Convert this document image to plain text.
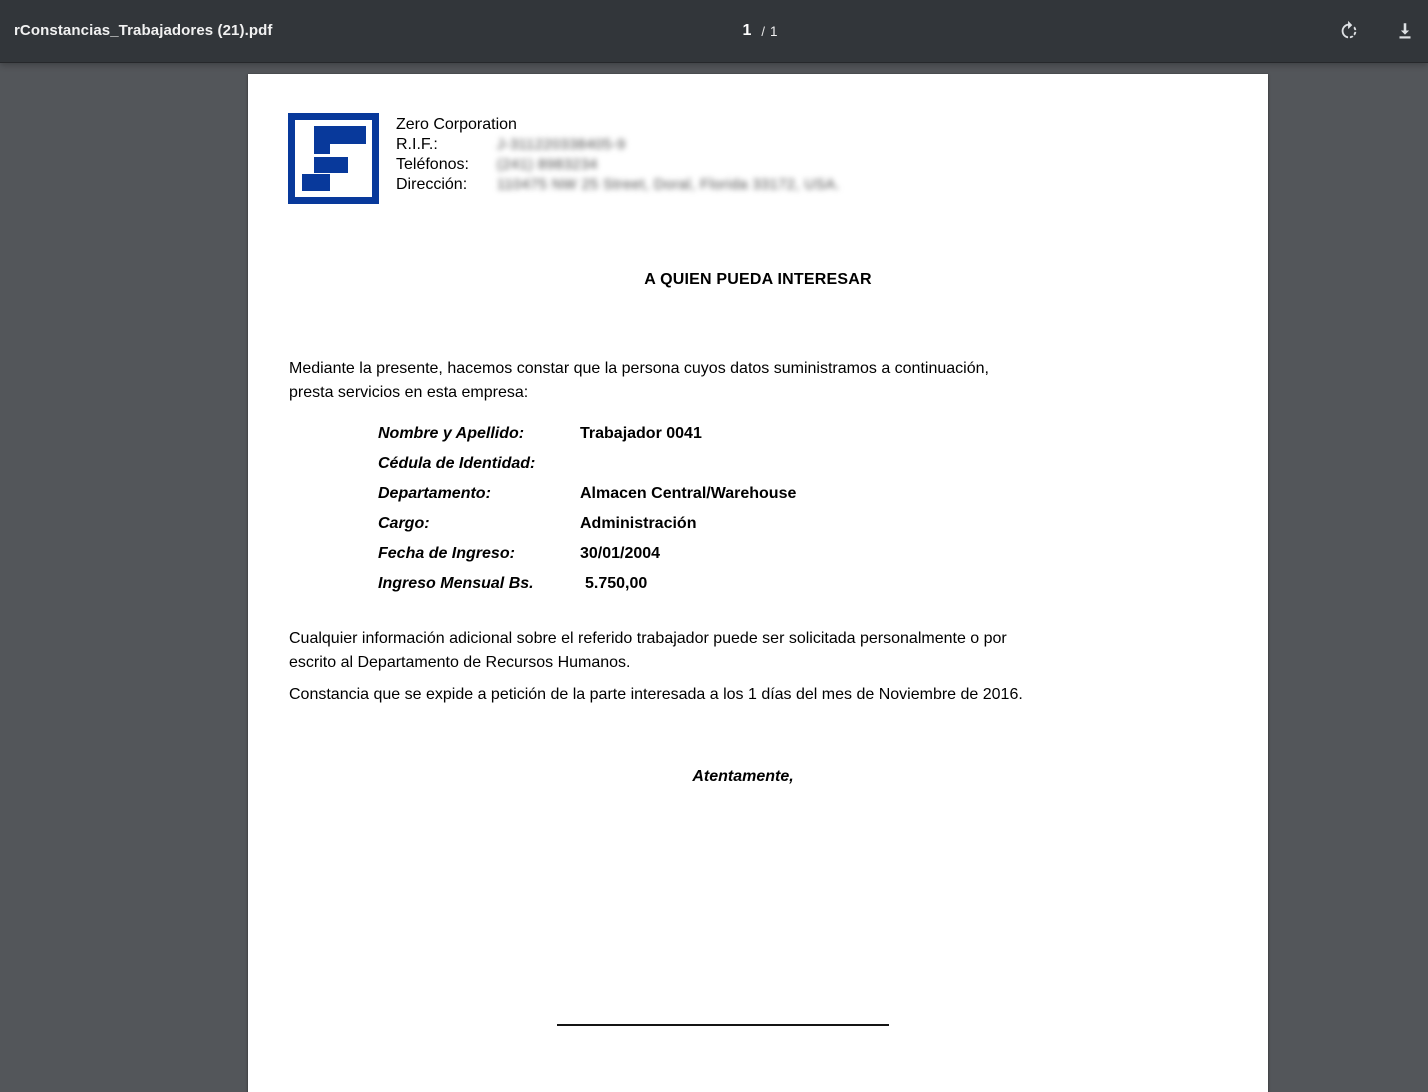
rConstancias_Trabajadores (21).pdf	1 / 1
Zero Corporation
R.I.F.:	J-311220338405-9
Teléfonos: (241) 8983234
Dirección: 110475 NW 25 Street, Doral, Florida 33172, USA.
A QUIEN PUEDA INTERESAR
Mediante la presente, hacemos constar que la persona cuyos datos suministramos a continuación,
presta servicios en esta empresa:
Nombre y Apellido:	Trabajador 0041
Cédula de Identidad:
Departamento:	Almacen Central/Warehouse
Cargo:	Administración
Fecha de Ingreso:	30/01/2004
Ingreso Mensual Bs.	5.750,00
Cualquier información adicional sobre el referido trabajador puede ser solicitada personalmente o por
escrito al Departamento de Recursos Humanos.
Constancia que se expide a petición de la parte interesada a los 1 días del mes de Noviembre de 2016.
Atentamente,
